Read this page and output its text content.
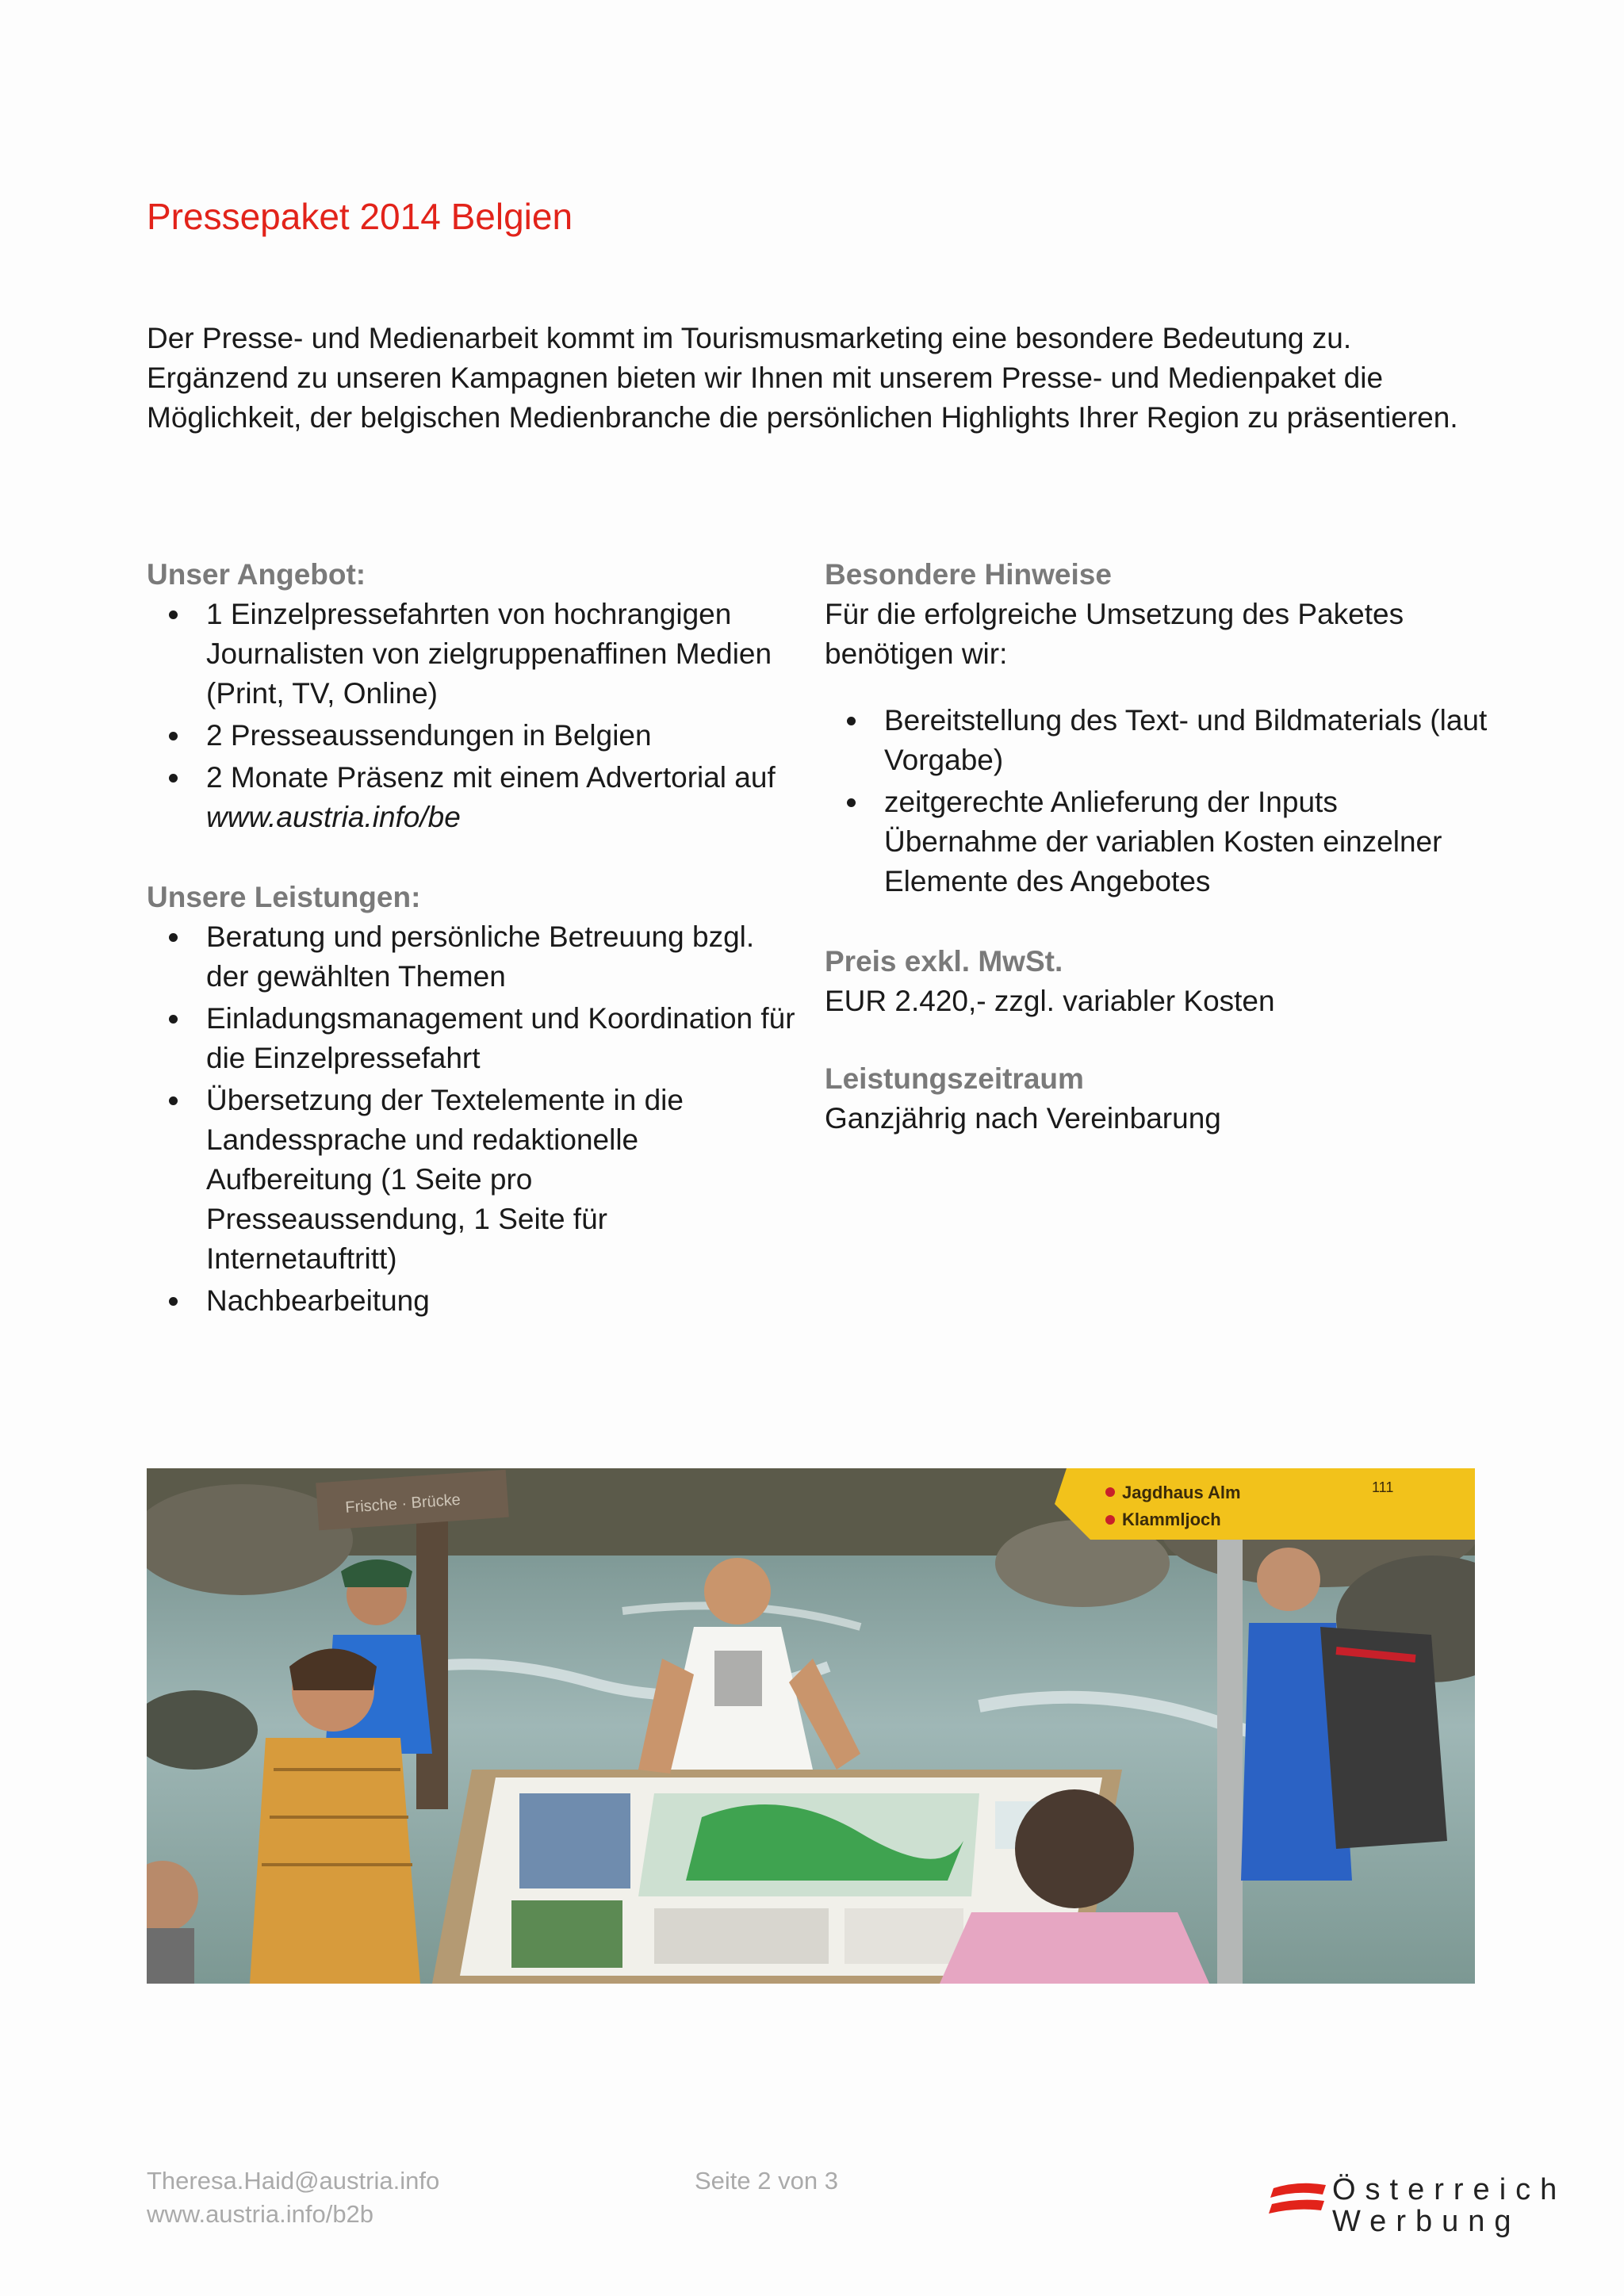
Pressepaket 2014 Belgien

Der Presse- und Medienarbeit kommt im Tourismusmarketing eine besondere Bedeutung zu. Ergänzend zu unseren Kampagnen bieten wir Ihnen mit unserem Presse- und Medienpaket die Möglichkeit, der belgischen Medienbranche die persönlichen Highlights Ihrer Region zu präsentieren.

Unser Angebot:

1 Einzelpressefahrten von hochrangigen Journalisten von zielgruppenaffinen Medien (Print, TV, Online)
2 Presseaussendungen in Belgien
2 Monate Präsenz mit einem Advertorial auf www.austria.info/be

Unsere Leistungen:

Beratung und persönliche Betreuung bzgl. der gewählten Themen
Einladungsmanagement und Koordination für die Einzelpressefahrt
Übersetzung der Textelemente in die Landessprache und redaktionelle Aufbereitung (1 Seite pro Presseaussendung, 1 Seite für Internetauftritt)
Nachbearbeitung

Besondere Hinweise

Für die erfolgreiche Umsetzung des Paketes benötigen wir:

Bereitstellung des Text- und Bildmaterials (laut Vorgabe)
zeitgerechte Anlieferung der Inputs Übernahme der variablen Kosten einzelner Elemente des Angebotes

Preis exkl. MwSt.

EUR 2.420,- zzgl. variabler Kosten

Leistungszeitraum

Ganzjährig nach Vereinbarung

Frische · Brücke	Jagdhaus Alm
Klammljoch
111
Theresa.Haid@austria.info
www.austria.info/b2b
Seite 2 von 3	Österreich
Werbung
